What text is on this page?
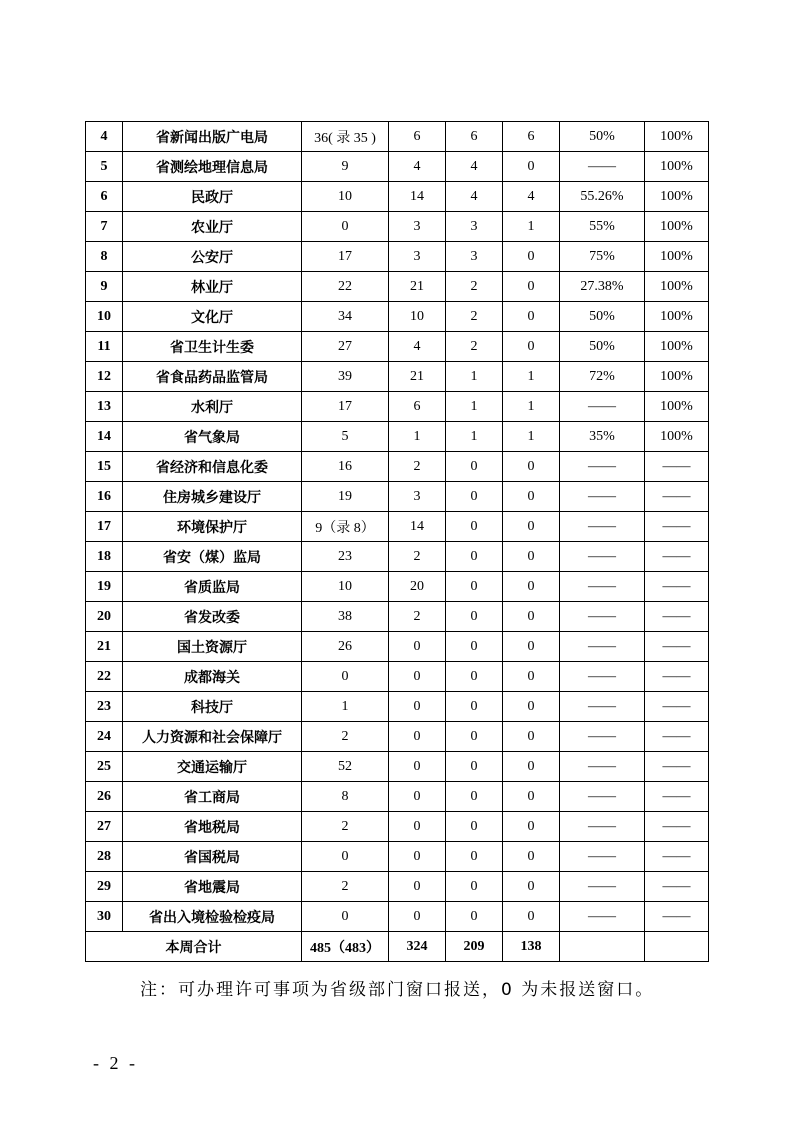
4	省新闻出版广电局	36( 录 35 )	6	6	6	50%	100%
5	省测绘地理信息局	9	4	4	0	——	100%
6	民政厅	10	14	4	4	55.26%	100%
7	农业厅	0	3	3	1	55%	100%
8	公安厅	17	3	3	0	75%	100%
9	林业厅	22	21	2	0	27.38%	100%
10	文化厅	34	10	2	0	50%	100%
11	省卫生计生委	27	4	2	0	50%	100%
12	省食品药品监管局	39	21	1	1	72%	100%
13	水利厅	17	6	1	1	——	100%
14	省气象局	5	1	1	1	35%	100%
15	省经济和信息化委	16	2	0	0	——	——
16	住房城乡建设厅	19	3	0	0	——	——
17	环境保护厅	9（录 8）	14	0	0	——	——
18	省安（煤）监局	23	2	0	0	——	——
19	省质监局	10	20	0	0	——	——
20	省发改委	38	2	0	0	——	——
21	国土资源厅	26	0	0	0	——	——
22	成都海关	0	0	0	0	——	——
23	科技厅	1	0	0	0	——	——
24	人力资源和社会保障厅	2	0	0	0	——	——
25	交通运输厅	52	0	0	0	——	——
26	省工商局	8	0	0	0	——	——
27	省地税局	2	0	0	0	——	——
28	省国税局	0	0	0	0	——	——
29	省地震局	2	0	0	0	——	——
30	省出入境检验检疫局	0	0	0	0	——	——
本周合计		485（483）	324	209	138		
注：可办理许可事项为省级部门窗口报送，0 为未报送窗口。
- 2 -
